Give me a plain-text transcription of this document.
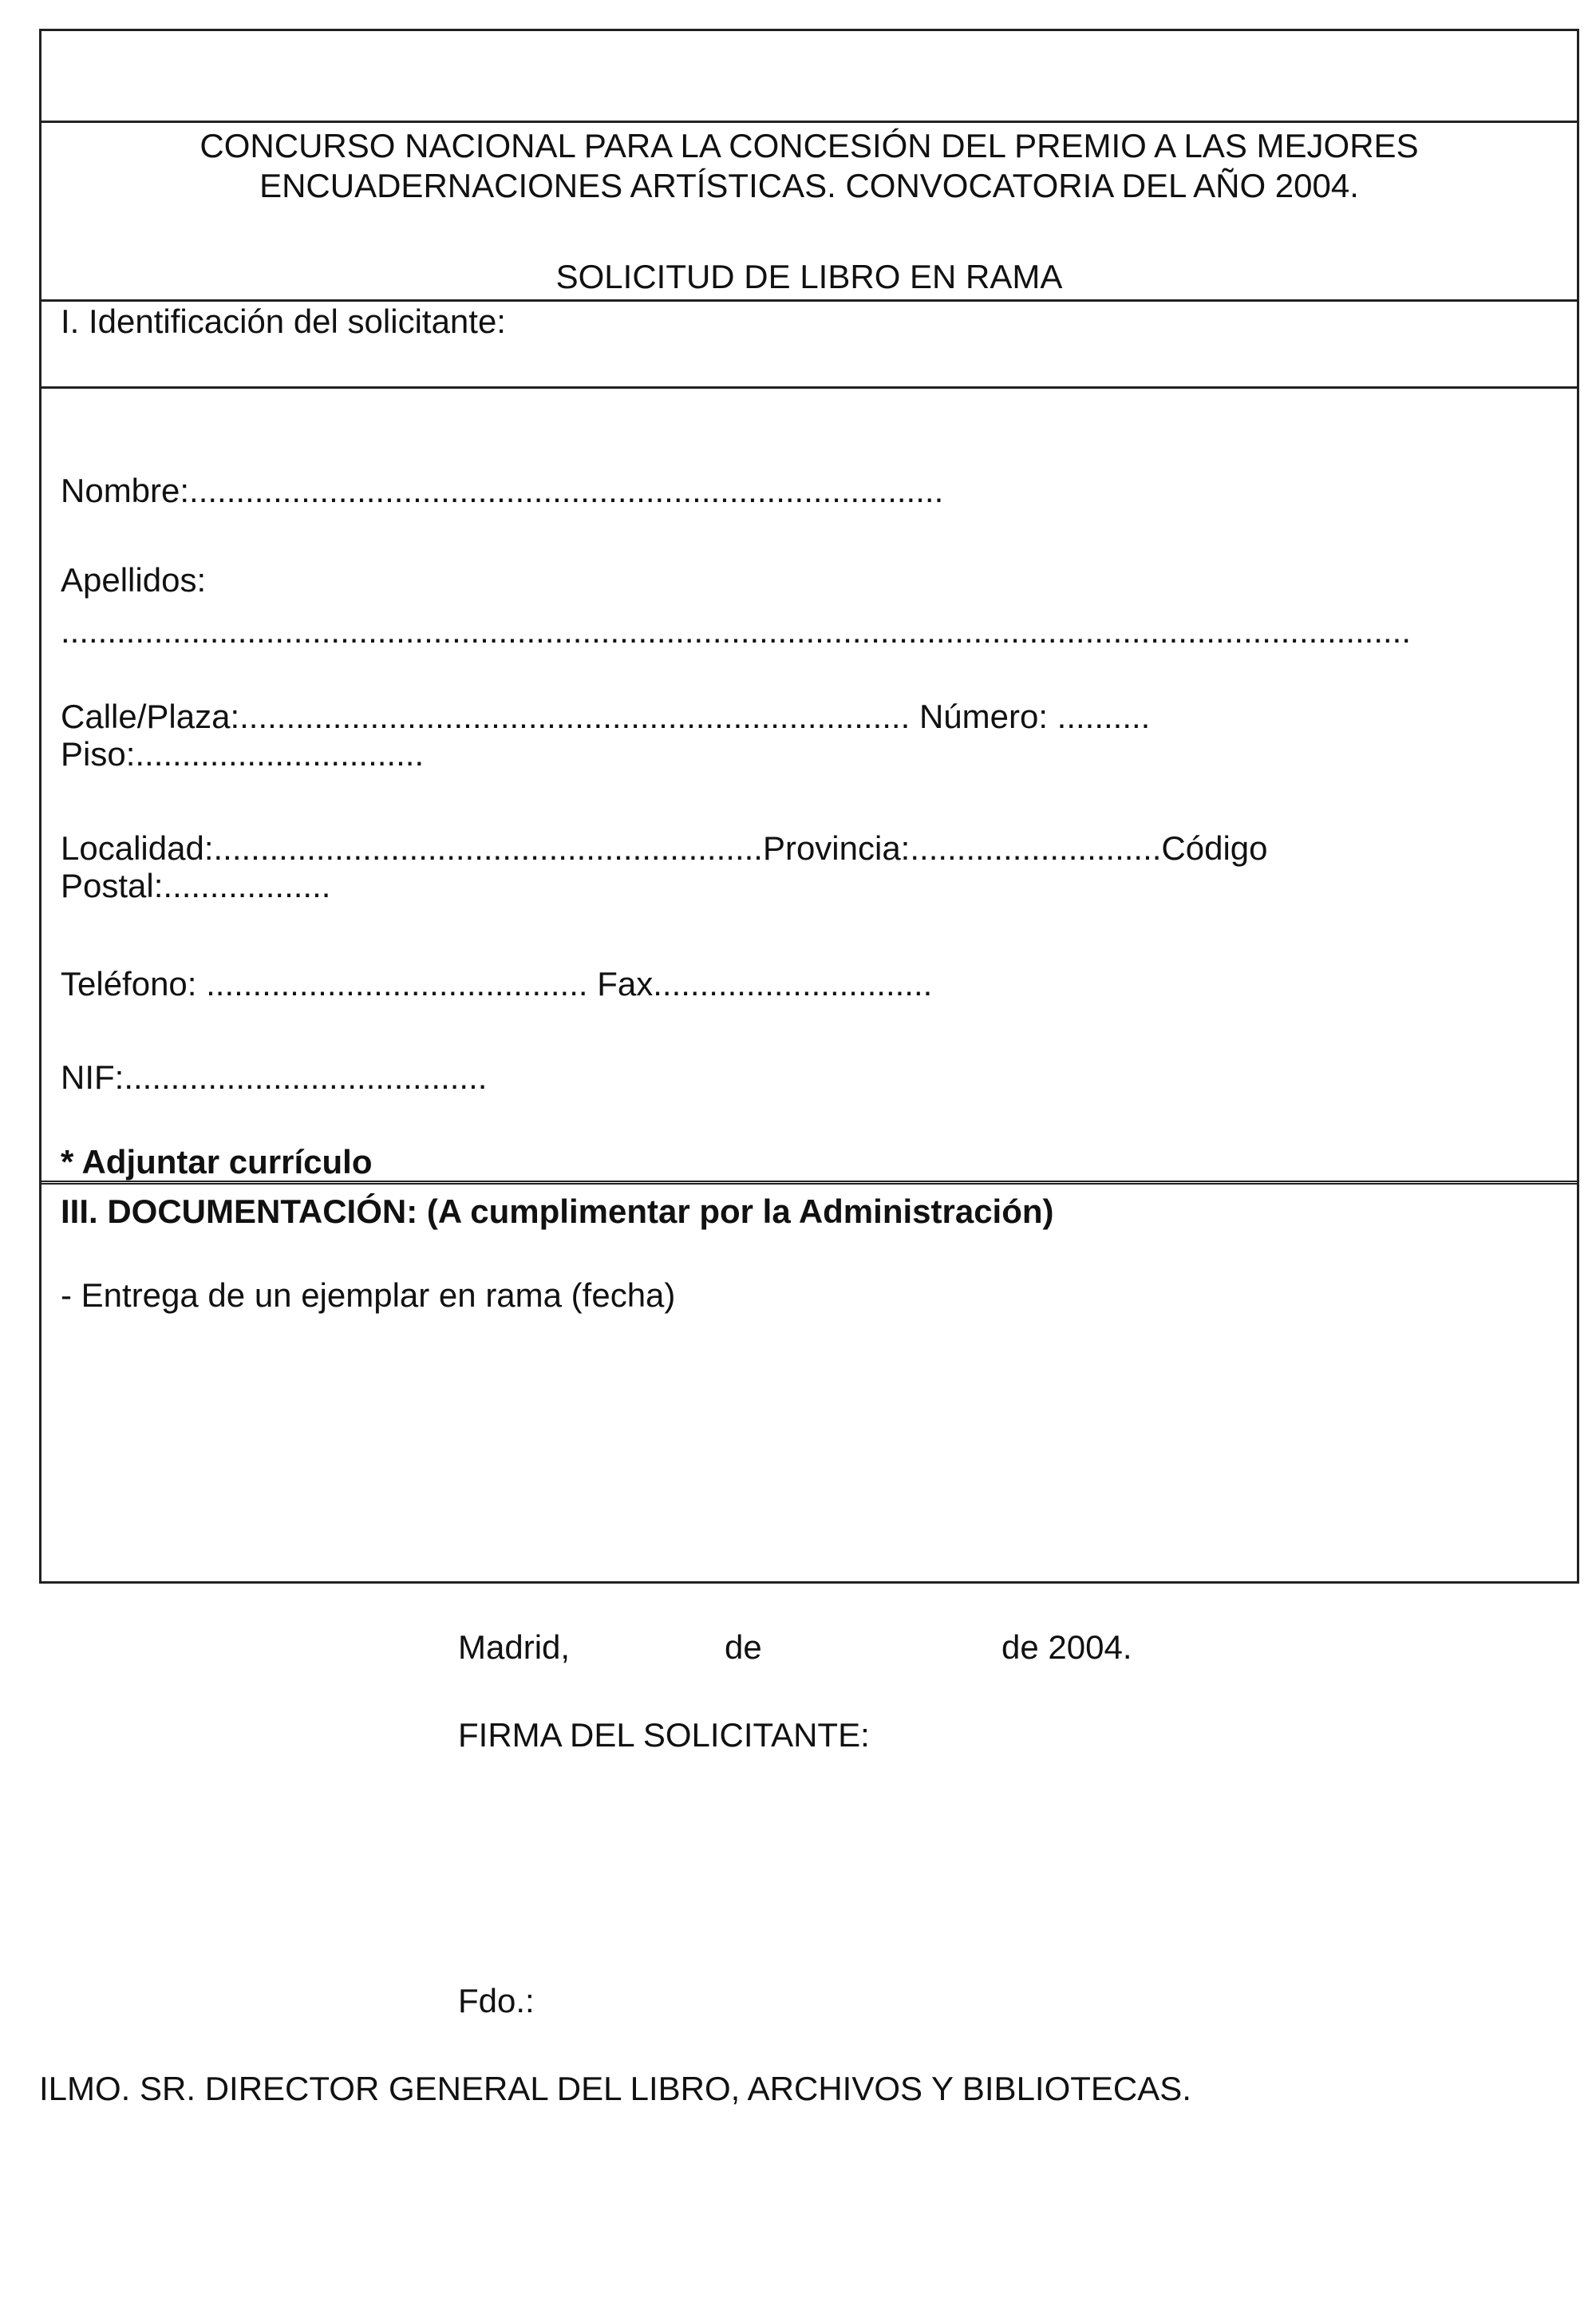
CONCURSO NACIONAL PARA LA CONCESIÓN DEL PREMIO A LAS MEJORES
ENCUADERNACIONES ARTÍSTICAS. CONVOCATORIA DEL AÑO 2004.
SOLICITUD DE LIBRO EN RAMA
I. Identificación del solicitante:
Nombre:.................................................................................
Apellidos:
.................................................................................................................................................
Calle/Plaza:........................................................................ Número: ..........
Piso:...............................
Localidad:...........................................................Provincia:...........................Código
Postal:..................
Teléfono: ......................................... Fax..............................
NIF:.......................................
* Adjuntar currículo
III. DOCUMENTACIÓN: (A cumplimentar por la Administración)
- Entrega de un ejemplar en rama (fecha)
Madrid,	de	de 2004.
FIRMA DEL SOLICITANTE:
Fdo.:
ILMO. SR. DIRECTOR GENERAL DEL LIBRO, ARCHIVOS Y BIBLIOTECAS.
